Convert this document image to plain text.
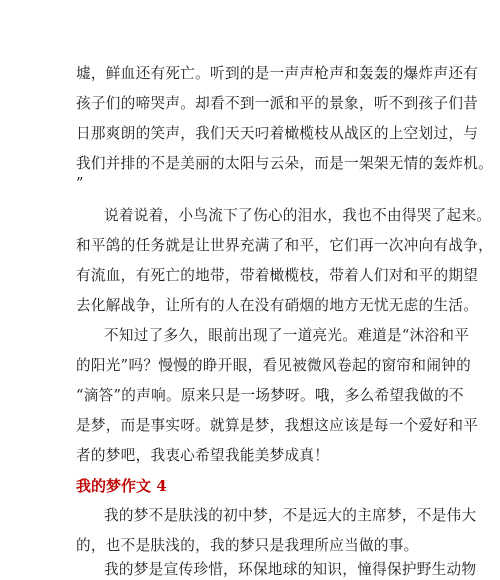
墟，鲜血还有死亡。听到的是一声声枪声和轰轰的爆炸声还有
孩子们的啼哭声。却看不到一派和平的景象，听不到孩子们昔
日那爽朗的笑声，我们天天叼着橄榄枝从战区的上空划过，与
我们并排的不是美丽的太阳与云朵，而是一架架无情的轰炸机。
”
说着说着，小鸟流下了伤心的泪水，我也不由得哭了起来。
和平鸽的任务就是让世界充满了和平，它们再一次冲向有战争，
有流血，有死亡的地带，带着橄榄枝，带着人们对和平的期望
去化解战争，让所有的人在没有硝烟的地方无忧无虑的生活。
不知过了多久，眼前出现了一道亮光。难道是“沐浴和平
的阳光”吗？慢慢的睁开眼，看见被微风卷起的窗帘和闹钟的
“滴答”的声响。原来只是一场梦呀。哦，多么希望我做的不
是梦，而是事实呀。就算是梦，我想这应该是每一个爱好和平
者的梦吧，我衷心希望我能美梦成真！
我的梦作文 4
我的梦不是肤浅的初中梦，不是远大的主席梦，不是伟大
的，也不是肤浅的，我的梦只是我理所应当做的事。
我的梦是宣传珍惜，环保地球的知识，憧得保护野生动物
